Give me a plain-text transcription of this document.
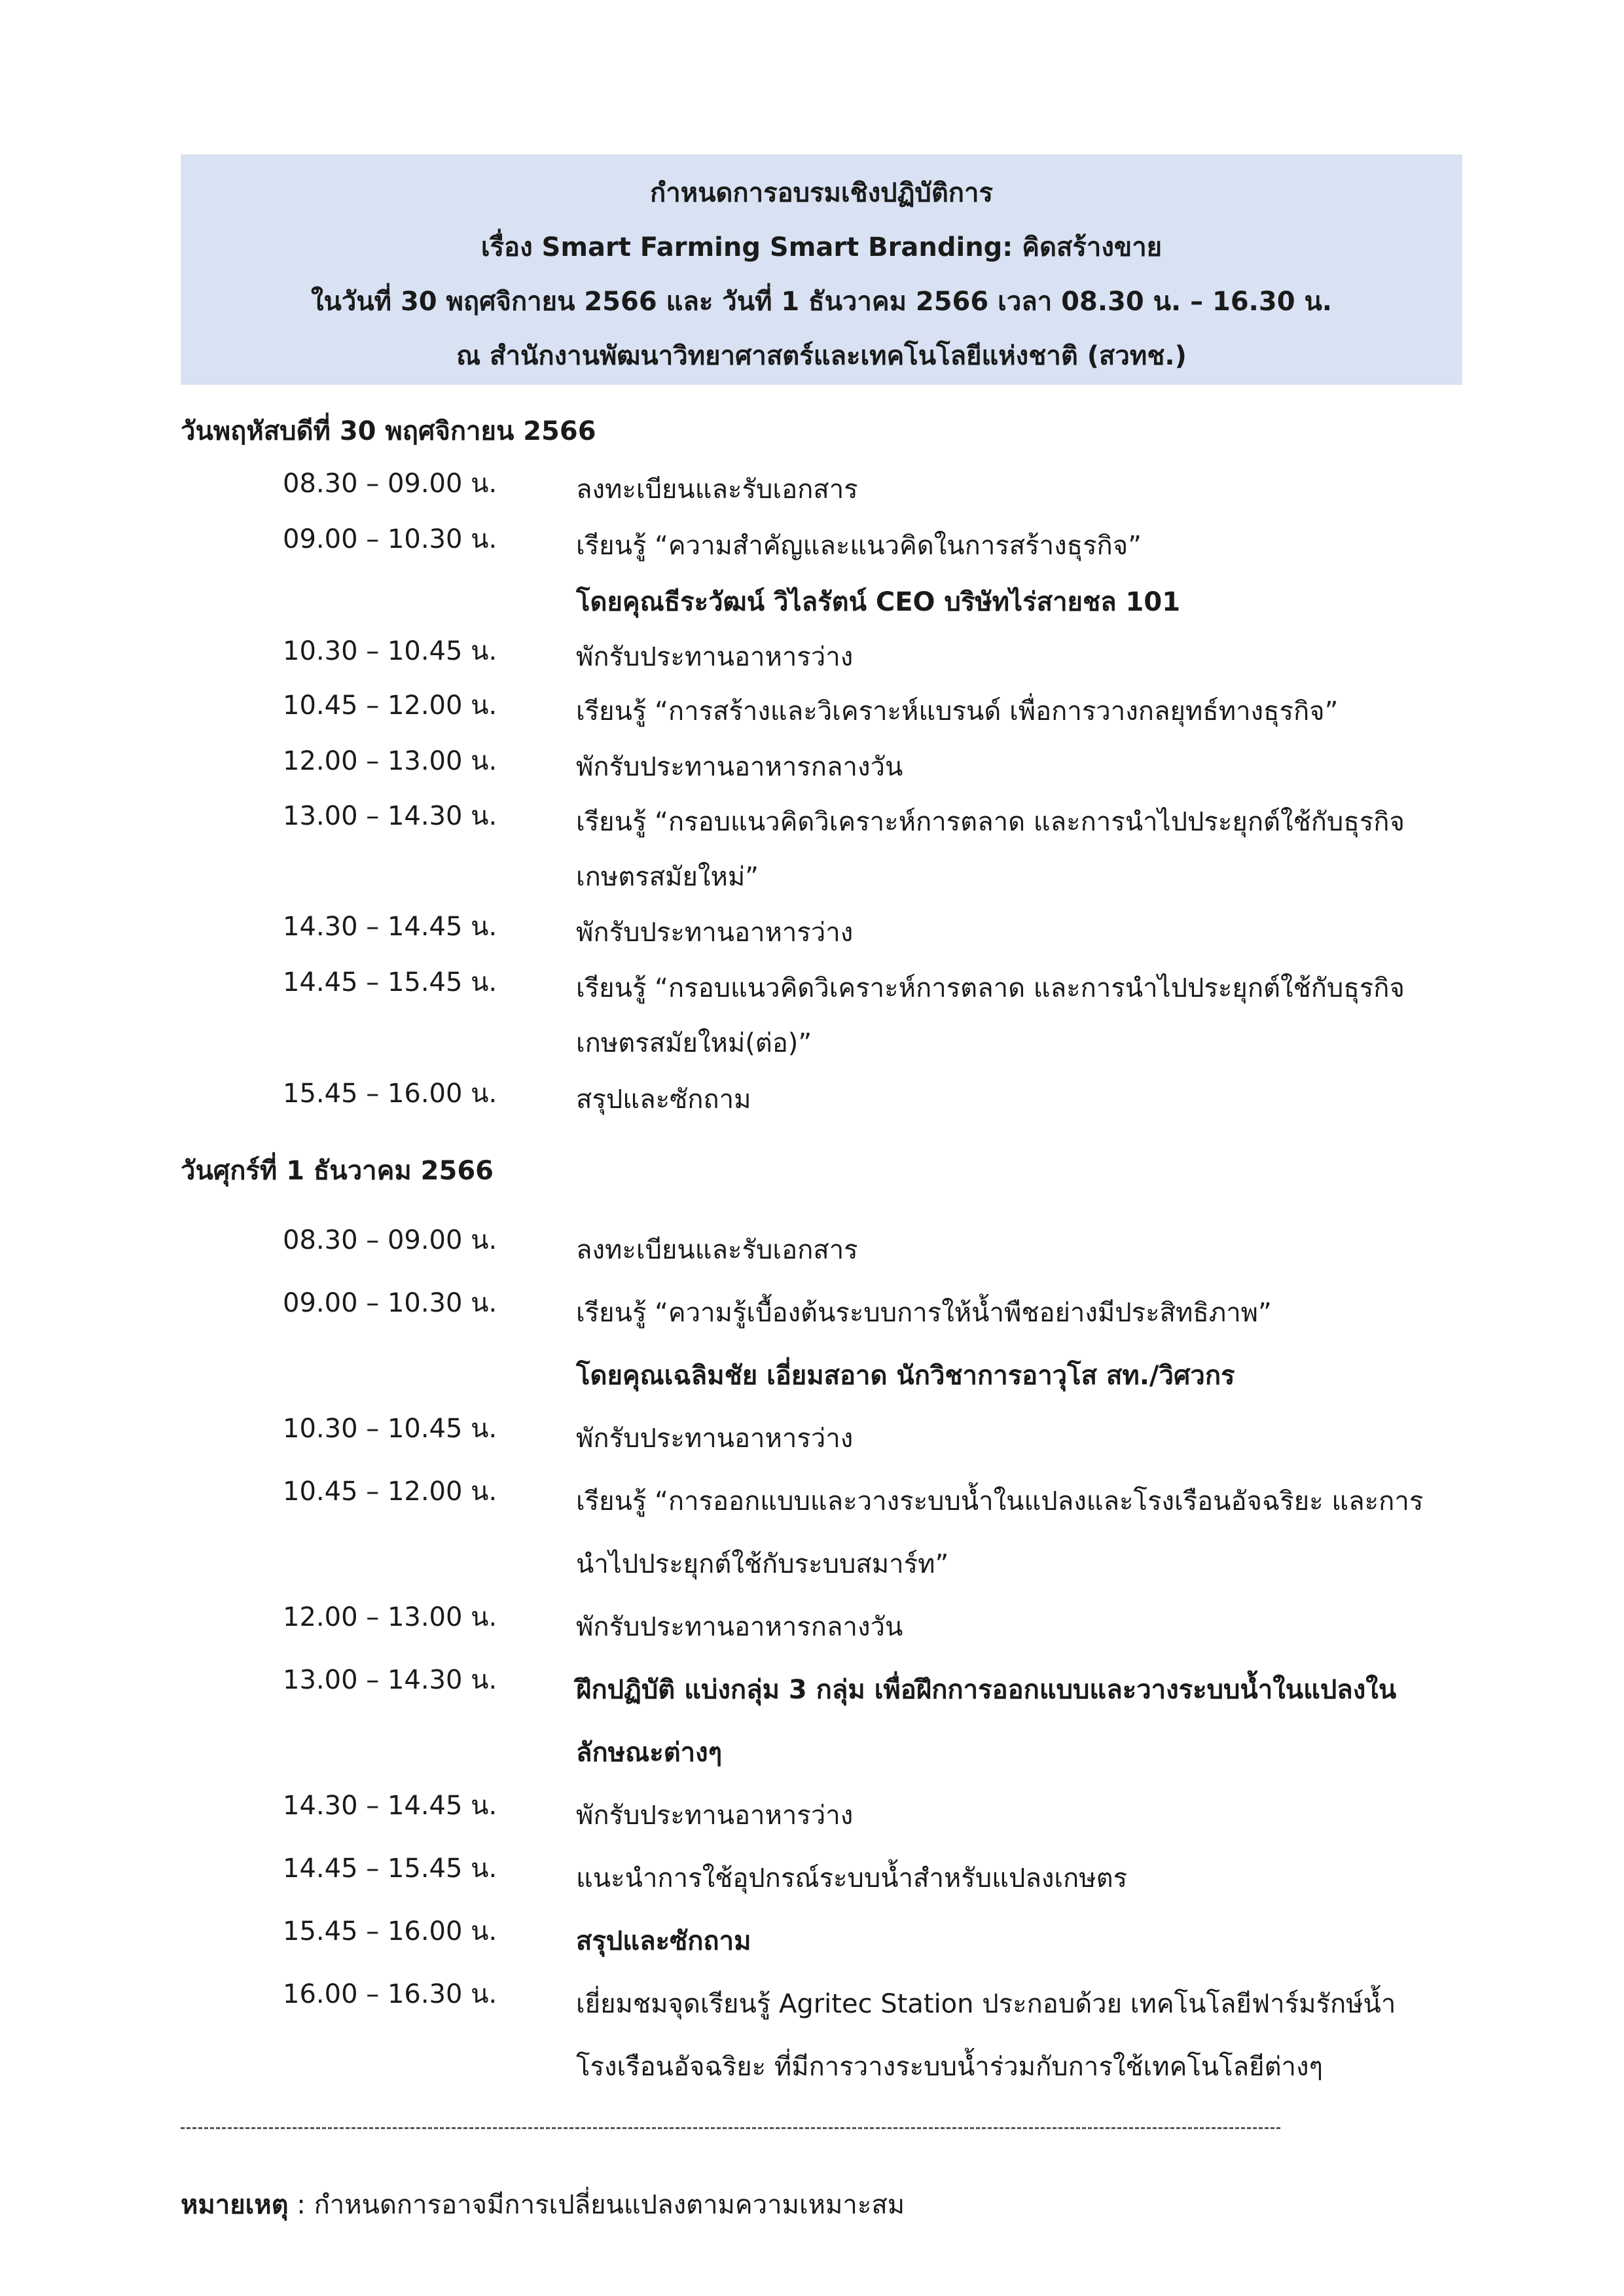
กำหนดการอบรมเชิงปฏิบัติการ
เรื่อง Smart Farming Smart Branding: คิดสร้างขาย
ในวันที่ 30 พฤศจิกายน 2566 และ วันที่ 1 ธันวาคม 2566 เวลา 08.30 น. – 16.30 น.
ณ สำนักงานพัฒนาวิทยาศาสตร์และเทคโนโลยีแห่งชาติ (สวทช.)
วันพฤหัสบดีที่ 30 พฤศจิกายน 2566
08.30 – 09.00 น.	ลงทะเบียนและรับเอกสาร
09.00 – 10.30 น.	เรียนรู้ “ความสำคัญและแนวคิดในการสร้างธุรกิจ”
โดยคุณธีระวัฒน์ วิไลรัตน์ CEO บริษัทไร่สายชล 101
10.30 – 10.45 น.	พักรับประทานอาหารว่าง
10.45 – 12.00 น.	เรียนรู้ “การสร้างและวิเคราะห์แบรนด์ เพื่อการวางกลยุทธ์ทางธุรกิจ”
12.00 – 13.00 น.	พักรับประทานอาหารกลางวัน
13.00 – 14.30 น.	เรียนรู้ “กรอบแนวคิดวิเคราะห์การตลาด และการนำไปประยุกต์ใช้กับธุรกิจ
เกษตรสมัยใหม่”
14.30 – 14.45 น.	พักรับประทานอาหารว่าง
14.45 – 15.45 น.	เรียนรู้ “กรอบแนวคิดวิเคราะห์การตลาด และการนำไปประยุกต์ใช้กับธุรกิจ
เกษตรสมัยใหม่(ต่อ)”
15.45 – 16.00 น.	สรุปและซักถาม
วันศุกร์ที่ 1 ธันวาคม 2566
08.30 – 09.00 น.	ลงทะเบียนและรับเอกสาร
09.00 – 10.30 น.	เรียนรู้ “ความรู้เบื้องต้นระบบการให้น้ำพืชอย่างมีประสิทธิภาพ”
โดยคุณเฉลิมชัย เอี่ยมสอาด นักวิชาการอาวุโส สท./วิศวกร
10.30 – 10.45 น.	พักรับประทานอาหารว่าง
10.45 – 12.00 น.	เรียนรู้ “การออกแบบและวางระบบน้ำในแปลงและโรงเรือนอัจฉริยะ และการ
นำไปประยุกต์ใช้กับระบบสมาร์ท”
12.00 – 13.00 น.	พักรับประทานอาหารกลางวัน
13.00 – 14.30 น.	ฝึกปฏิบัติ แบ่งกลุ่ม 3 กลุ่ม เพื่อฝึกการออกแบบและวางระบบน้ำในแปลงใน
ลักษณะต่างๆ
14.30 – 14.45 น.	พักรับประทานอาหารว่าง
14.45 – 15.45 น.	แนะนำการใช้อุปกรณ์ระบบน้ำสำหรับแปลงเกษตร
15.45 – 16.00 น.	สรุปและซักถาม
16.00 – 16.30 น.	เยี่ยมชมจุดเรียนรู้ Agritec Station ประกอบด้วย เทคโนโลยีฟาร์มรักษ์น้ำ
โรงเรือนอัจฉริยะ ที่มีการวางระบบน้ำร่วมกับการใช้เทคโนโลยีต่างๆ
หมายเหตุ : กำหนดการอาจมีการเปลี่ยนแปลงตามความเหมาะสม
